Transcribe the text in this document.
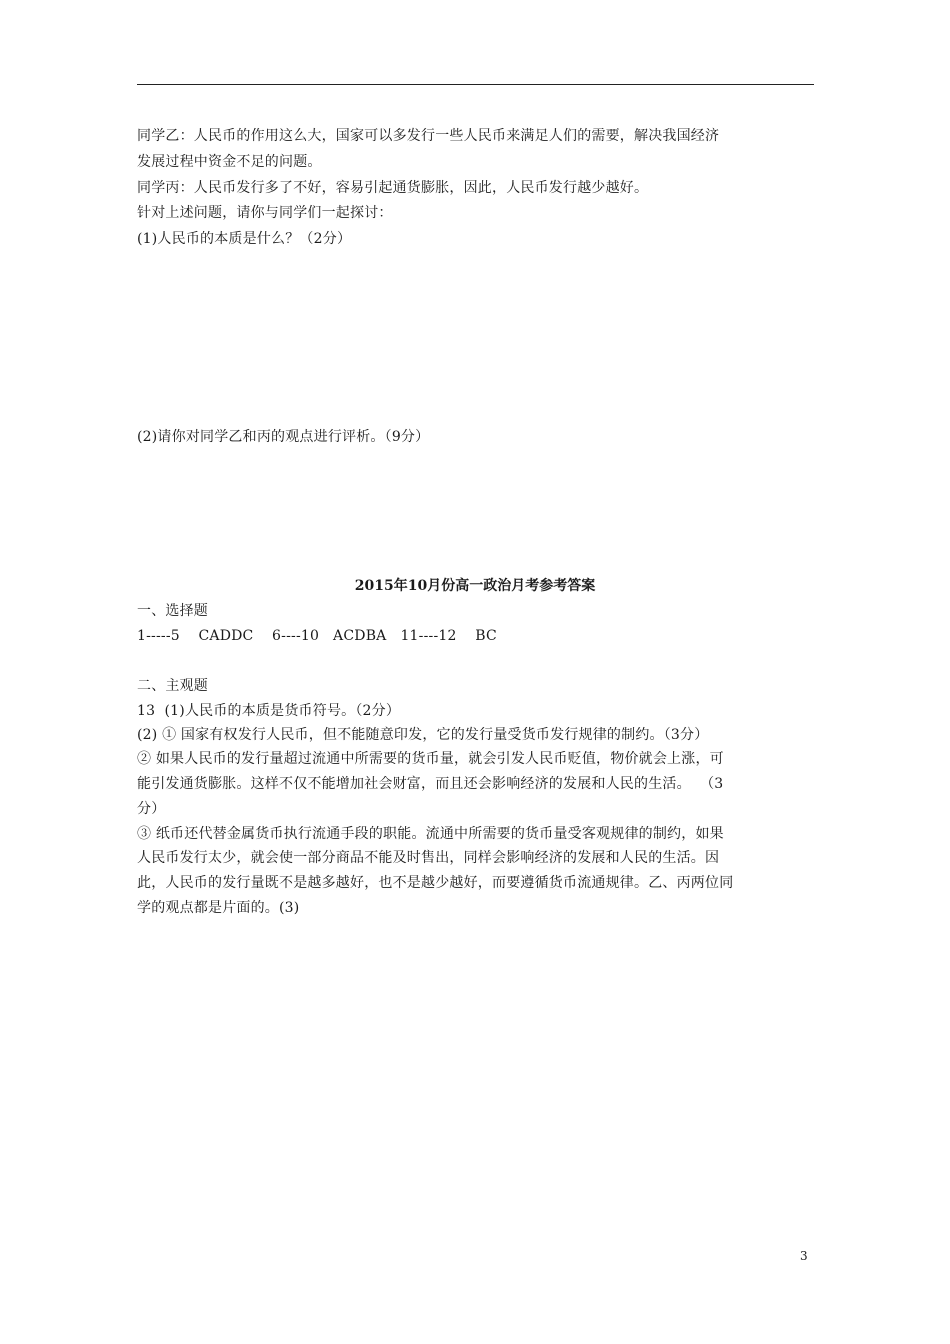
同学乙：人民币的作用这么大，国家可以多发行一些人民币来满足人们的需要，解决我国经济
发展过程中资金不足的问题。
同学丙：人民币发行多了不好，容易引起通货膨胀，因此，人民币发行越少越好。
针对上述问题，请你与同学们一起探讨：
(1)人民币的本质是什么？（2分）
(2)请你对同学乙和丙的观点进行评析。（9分）
2015年10月份高一政治月考参考答案
一、选择题
1-----5    CADDC    6----10   ACDBA   11----12    BC
二、主观题
13  (1)人民币的本质是货币符号。（2分）
(2) ① 国家有权发行人民币，但不能随意印发，它的发行量受货币发行规律的制约。（3分）
② 如果人民币的发行量超过流通中所需要的货币量，就会引发人民币贬值，物价就会上涨，可
能引发通货膨胀。这样不仅不能增加社会财富，而且还会影响经济的发展和人民的生活。  （3
分）
③ 纸币还代替金属货币执行流通手段的职能。流通中所需要的货币量受客观规律的制约，如果
人民币发行太少，就会使一部分商品不能及时售出，同样会影响经济的发展和人民的生活。因
此，人民币的发行量既不是越多越好，也不是越少越好，而要遵循货币流通规律。乙、丙两位同
学的观点都是片面的。(3)
3
